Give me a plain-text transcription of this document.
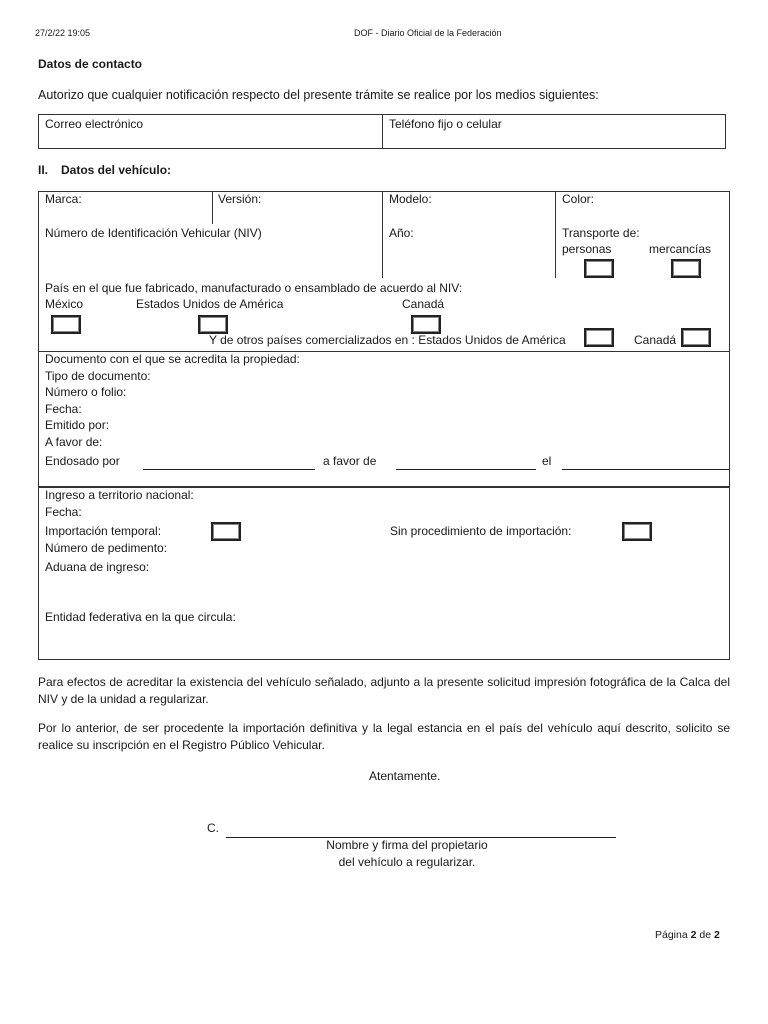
27/2/22 19:05	DOF - Diario Oficial de la Federación
Datos de contacto
Autorizo que cualquier notificación respecto del presente trámite se realice por los medios siguientes:
Correo electrónico	Teléfono fijo o celular
II. Datos del vehículo:
Marca:	Versión:	Modelo:	Color:
Número de Identificación Vehicular (NIV)	Año:	Transporte de:
personas	mercancías
País en el que fue fabricado, manufacturado o ensamblado de acuerdo al NIV:
México	Estados Unidos de América	Canadá
Y de otros países comercializados en : Estados Unidos de América	Canadá
Documento con el que se acredita la propiedad:
Tipo de documento:
Número o folio:
Fecha:
Emitido por:
A favor de:
Endosado por	a favor de	el
Ingreso a territorio nacional:
Fecha:
Importación temporal:	Sin procedimiento de importación:
Número de pedimento:
Aduana de ingreso:
Entidad federativa en la que circula:
Para efectos de acreditar la existencia del vehículo señalado, adjunto a la presente solicitud impresión fotográfica de la Calca del NIV y de la unidad a regularizar.
Por lo anterior, de ser procedente la importación definitiva y la legal estancia en el país del vehículo aquí descrito, solicito se realice su inscripción en el Registro Público Vehicular.
Atentamente.
C.
Nombre y firma del propietario
del vehículo a regularizar.
Página 2 de 2
